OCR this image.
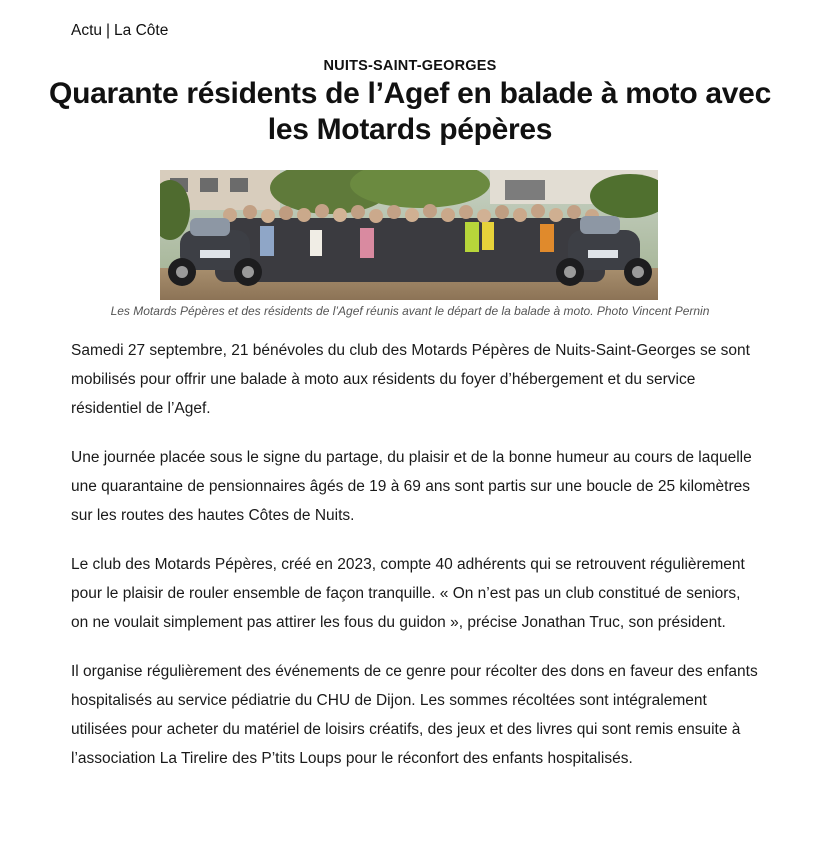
Actu | La Côte
NUITS-SAINT-GEORGES
Quarante résidents de l’Agef en balade à moto avec les Motards pépères
Les Motards Pépères et des résidents de l’Agef réunis avant le départ de la balade à moto. Photo Vincent Pernin

Samedi 27 septembre, 21 bénévoles du club des Motards Pépères de Nuits-Saint-Georges se sont mobilisés pour offrir une balade à moto aux résidents du foyer d’hébergement et du service résidentiel de l’Agef.

Une journée placée sous le signe du partage, du plaisir et de la bonne humeur au cours de laquelle une quarantaine de pensionnaires âgés de 19 à 69 ans sont partis sur une boucle de 25 kilomètres sur les routes des hautes Côtes de Nuits.

Le club des Motards Pépères, créé en 2023, compte 40 adhérents qui se retrouvent régulièrement pour le plaisir de rouler ensemble de façon tranquille. « On n’est pas un club constitué de seniors, on ne voulait simplement pas attirer les fous du guidon », précise Jonathan Truc, son président.

Il organise régulièrement des événements de ce genre pour récolter des dons en faveur des enfants hospitalisés au service pédiatrie du CHU de Dijon. Les sommes récoltées sont intégralement utilisées pour acheter du matériel de loisirs créatifs, des jeux et des livres qui sont remis ensuite à l’association La Tirelire des P’tits Loups pour le réconfort des enfants hospitalisés.
